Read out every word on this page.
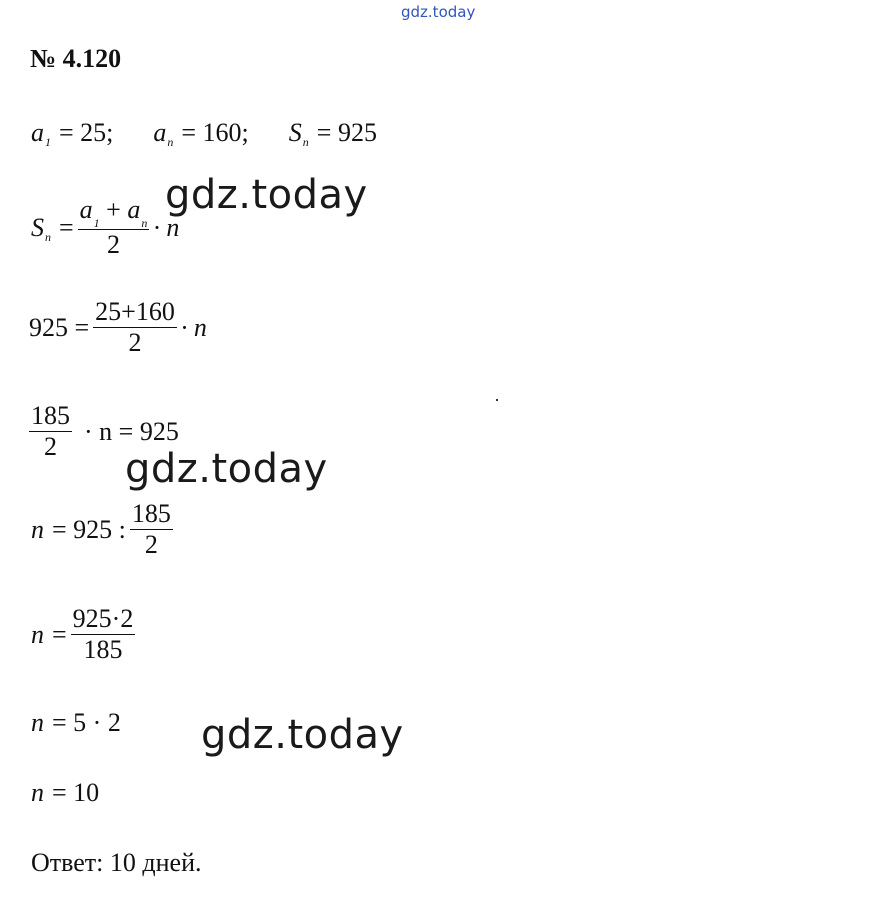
gdz.today
№ 4.120
a 1 = 25; a n = 160; S n = 925
S $n = \frac{a_1 + a_n}{2} \cdot n$
gdz.today
$925 = \frac{25+160}{2} \cdot n$
$\frac{185}{2} \cdot n = 925$
gdz.today
n = 925 : $\frac{185}{2}$
$n = \frac{925\cdot 2}{185}$
n = 5 · 2 gdz.today
n = 10
Ответ: 10 дней.
